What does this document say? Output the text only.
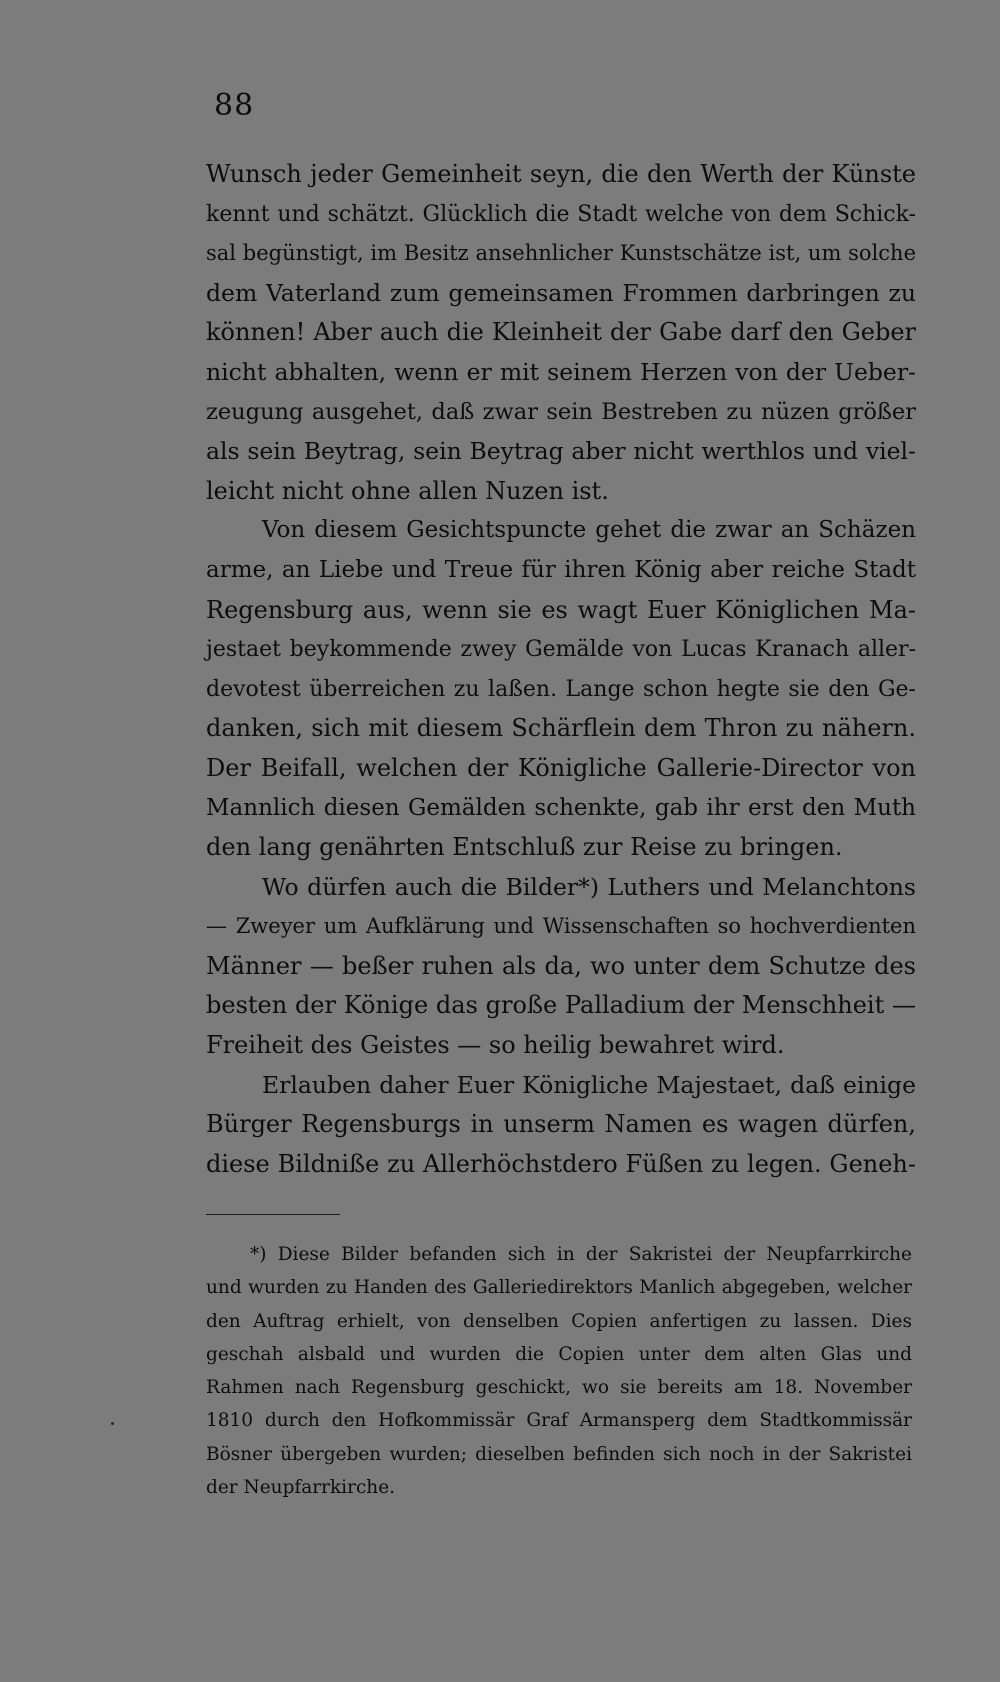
88
Wunsch jeder Gemeinheit seyn, die den Werth der Künste
kennt und schätzt. Glücklich die Stadt welche von dem Schick-
sal begünstigt, im Besitz ansehnlicher Kunstschätze ist, um solche
dem Vaterland zum gemeinsamen Frommen darbringen zu
können! Aber auch die Kleinheit der Gabe darf den Geber
nicht abhalten, wenn er mit seinem Herzen von der Ueber-
zeugung ausgehet, daß zwar sein Bestreben zu nüzen größer
als sein Beytrag, sein Beytrag aber nicht werthlos und viel-
leicht nicht ohne allen Nuzen ist.
Von diesem Gesichtspuncte gehet die zwar an Schäzen
arme, an Liebe und Treue für ihren König aber reiche Stadt
Regensburg aus, wenn sie es wagt Euer Königlichen Ma-
jestaet beykommende zwey Gemälde von Lucas Kranach aller-
devotest überreichen zu laßen. Lange schon hegte sie den Ge-
danken, sich mit diesem Schärflein dem Thron zu nähern.
Der Beifall, welchen der Königliche Gallerie-Director von
Mannlich diesen Gemälden schenkte, gab ihr erst den Muth
den lang genährten Entschluß zur Reise zu bringen.
Wo dürfen auch die Bilder*) Luthers und Melanchtons
— Zweyer um Aufklärung und Wissenschaften so hochverdienten
Männer — beßer ruhen als da, wo unter dem Schutze des
besten der Könige das große Palladium der Menschheit —
Freiheit des Geistes — so heilig bewahret wird.
Erlauben daher Euer Königliche Majestaet, daß einige
Bürger Regensburgs in unserm Namen es wagen dürfen,
diese Bildniße zu Allerhöchstdero Füßen zu legen. Geneh-
*) Diese Bilder befanden sich in der Sakristei der Neupfarrkirche
und wurden zu Handen des Galleriedirektors Manlich abgegeben, welcher
den Auftrag erhielt, von denselben Copien anfertigen zu lassen. Dies
geschah alsbald und wurden die Copien unter dem alten Glas und
Rahmen nach Regensburg geschickt, wo sie bereits am 18. November
1810 durch den Hofkommissär Graf Armansperg dem Stadtkommissär
Bösner übergeben wurden; dieselben befinden sich noch in der Sakristei
der Neupfarrkirche.
